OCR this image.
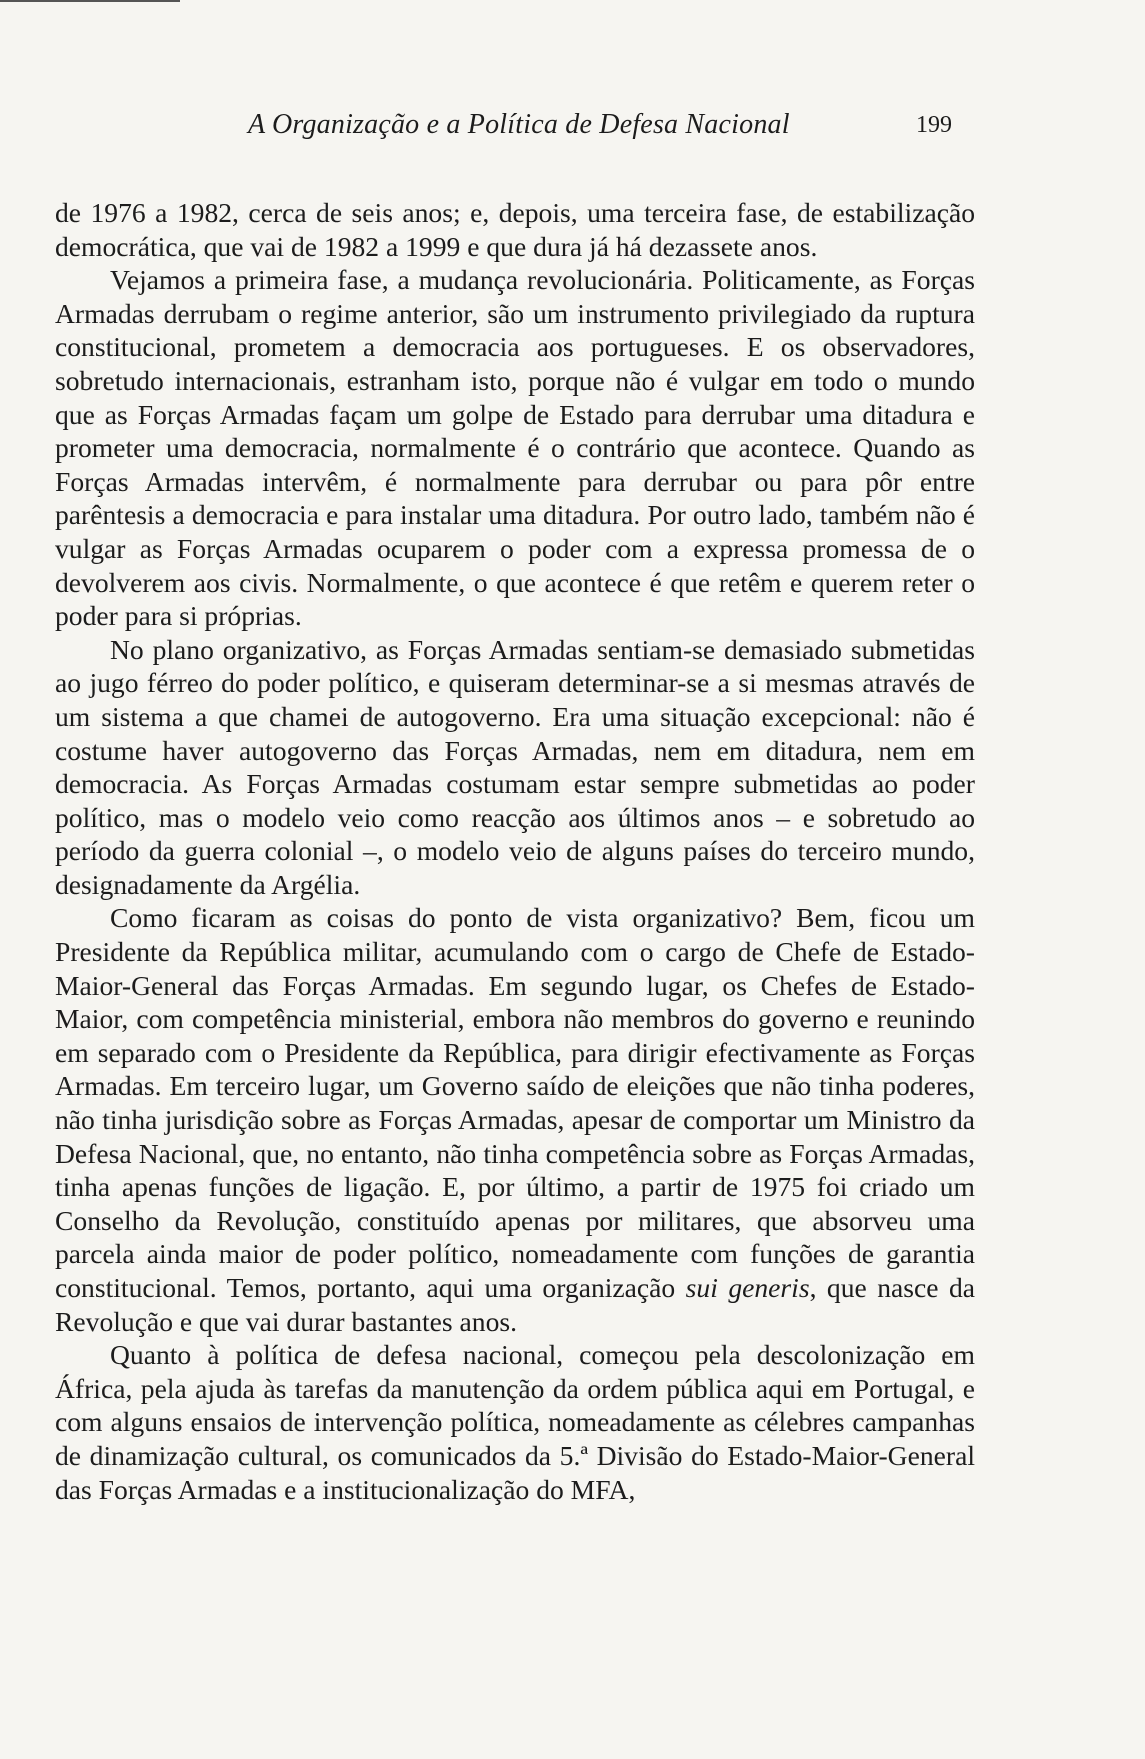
A Organização e a Política de Defesa Nacional	199

de 1976 a 1982, cerca de seis anos; e, depois, uma terceira fase, de estabilização democrática, que vai de 1982 a 1999 e que dura já há dezassete anos.

Vejamos a primeira fase, a mudança revolucionária. Politicamente, as Forças Armadas derrubam o regime anterior, são um instrumento privilegiado da ruptura constitucional, prometem a democracia aos portugueses. E os observadores, sobretudo internacionais, estranham isto, porque não é vulgar em todo o mundo que as Forças Armadas façam um golpe de Estado para derrubar uma ditadura e prometer uma democracia, normalmente é o contrário que acontece. Quando as Forças Armadas intervêm, é normalmente para derrubar ou para pôr entre parêntesis a democracia e para instalar uma ditadura. Por outro lado, também não é vulgar as Forças Armadas ocuparem o poder com a expressa promessa de o devolverem aos civis. Normalmente, o que acontece é que retêm e querem reter o poder para si próprias.

No plano organizativo, as Forças Armadas sentiam-se demasiado submetidas ao jugo férreo do poder político, e quiseram determinar-se a si mesmas através de um sistema a que chamei de autogoverno. Era uma situação excepcional: não é costume haver autogoverno das Forças Armadas, nem em ditadura, nem em democracia. As Forças Armadas costumam estar sempre submetidas ao poder político, mas o modelo veio como reacção aos últimos anos – e sobretudo ao período da guerra colonial –, o modelo veio de alguns países do terceiro mundo, designadamente da Argélia.

Como ficaram as coisas do ponto de vista organizativo? Bem, ficou um Presidente da República militar, acumulando com o cargo de Chefe de Estado-Maior-General das Forças Armadas. Em segundo lugar, os Chefes de Estado-Maior, com competência ministerial, embora não membros do governo e reunindo em separado com o Presidente da República, para dirigir efectivamente as Forças Armadas. Em terceiro lugar, um Governo saído de eleições que não tinha poderes, não tinha jurisdição sobre as Forças Armadas, apesar de comportar um Ministro da Defesa Nacional, que, no entanto, não tinha competência sobre as Forças Armadas, tinha apenas funções de ligação. E, por último, a partir de 1975 foi criado um Conselho da Revolução, constituído apenas por militares, que absorveu uma parcela ainda maior de poder político, nomeadamente com funções de garantia constitucional. Temos, portanto, aqui uma organização sui generis, que nasce da Revolução e que vai durar bastantes anos.

Quanto à política de defesa nacional, começou pela descolonização em África, pela ajuda às tarefas da manutenção da ordem pública aqui em Portugal, e com alguns ensaios de intervenção política, nomeadamente as célebres campanhas de dinamização cultural, os comunicados da 5.ª Divisão do Estado-Maior-General das Forças Armadas e a institucionalização do MFA,
